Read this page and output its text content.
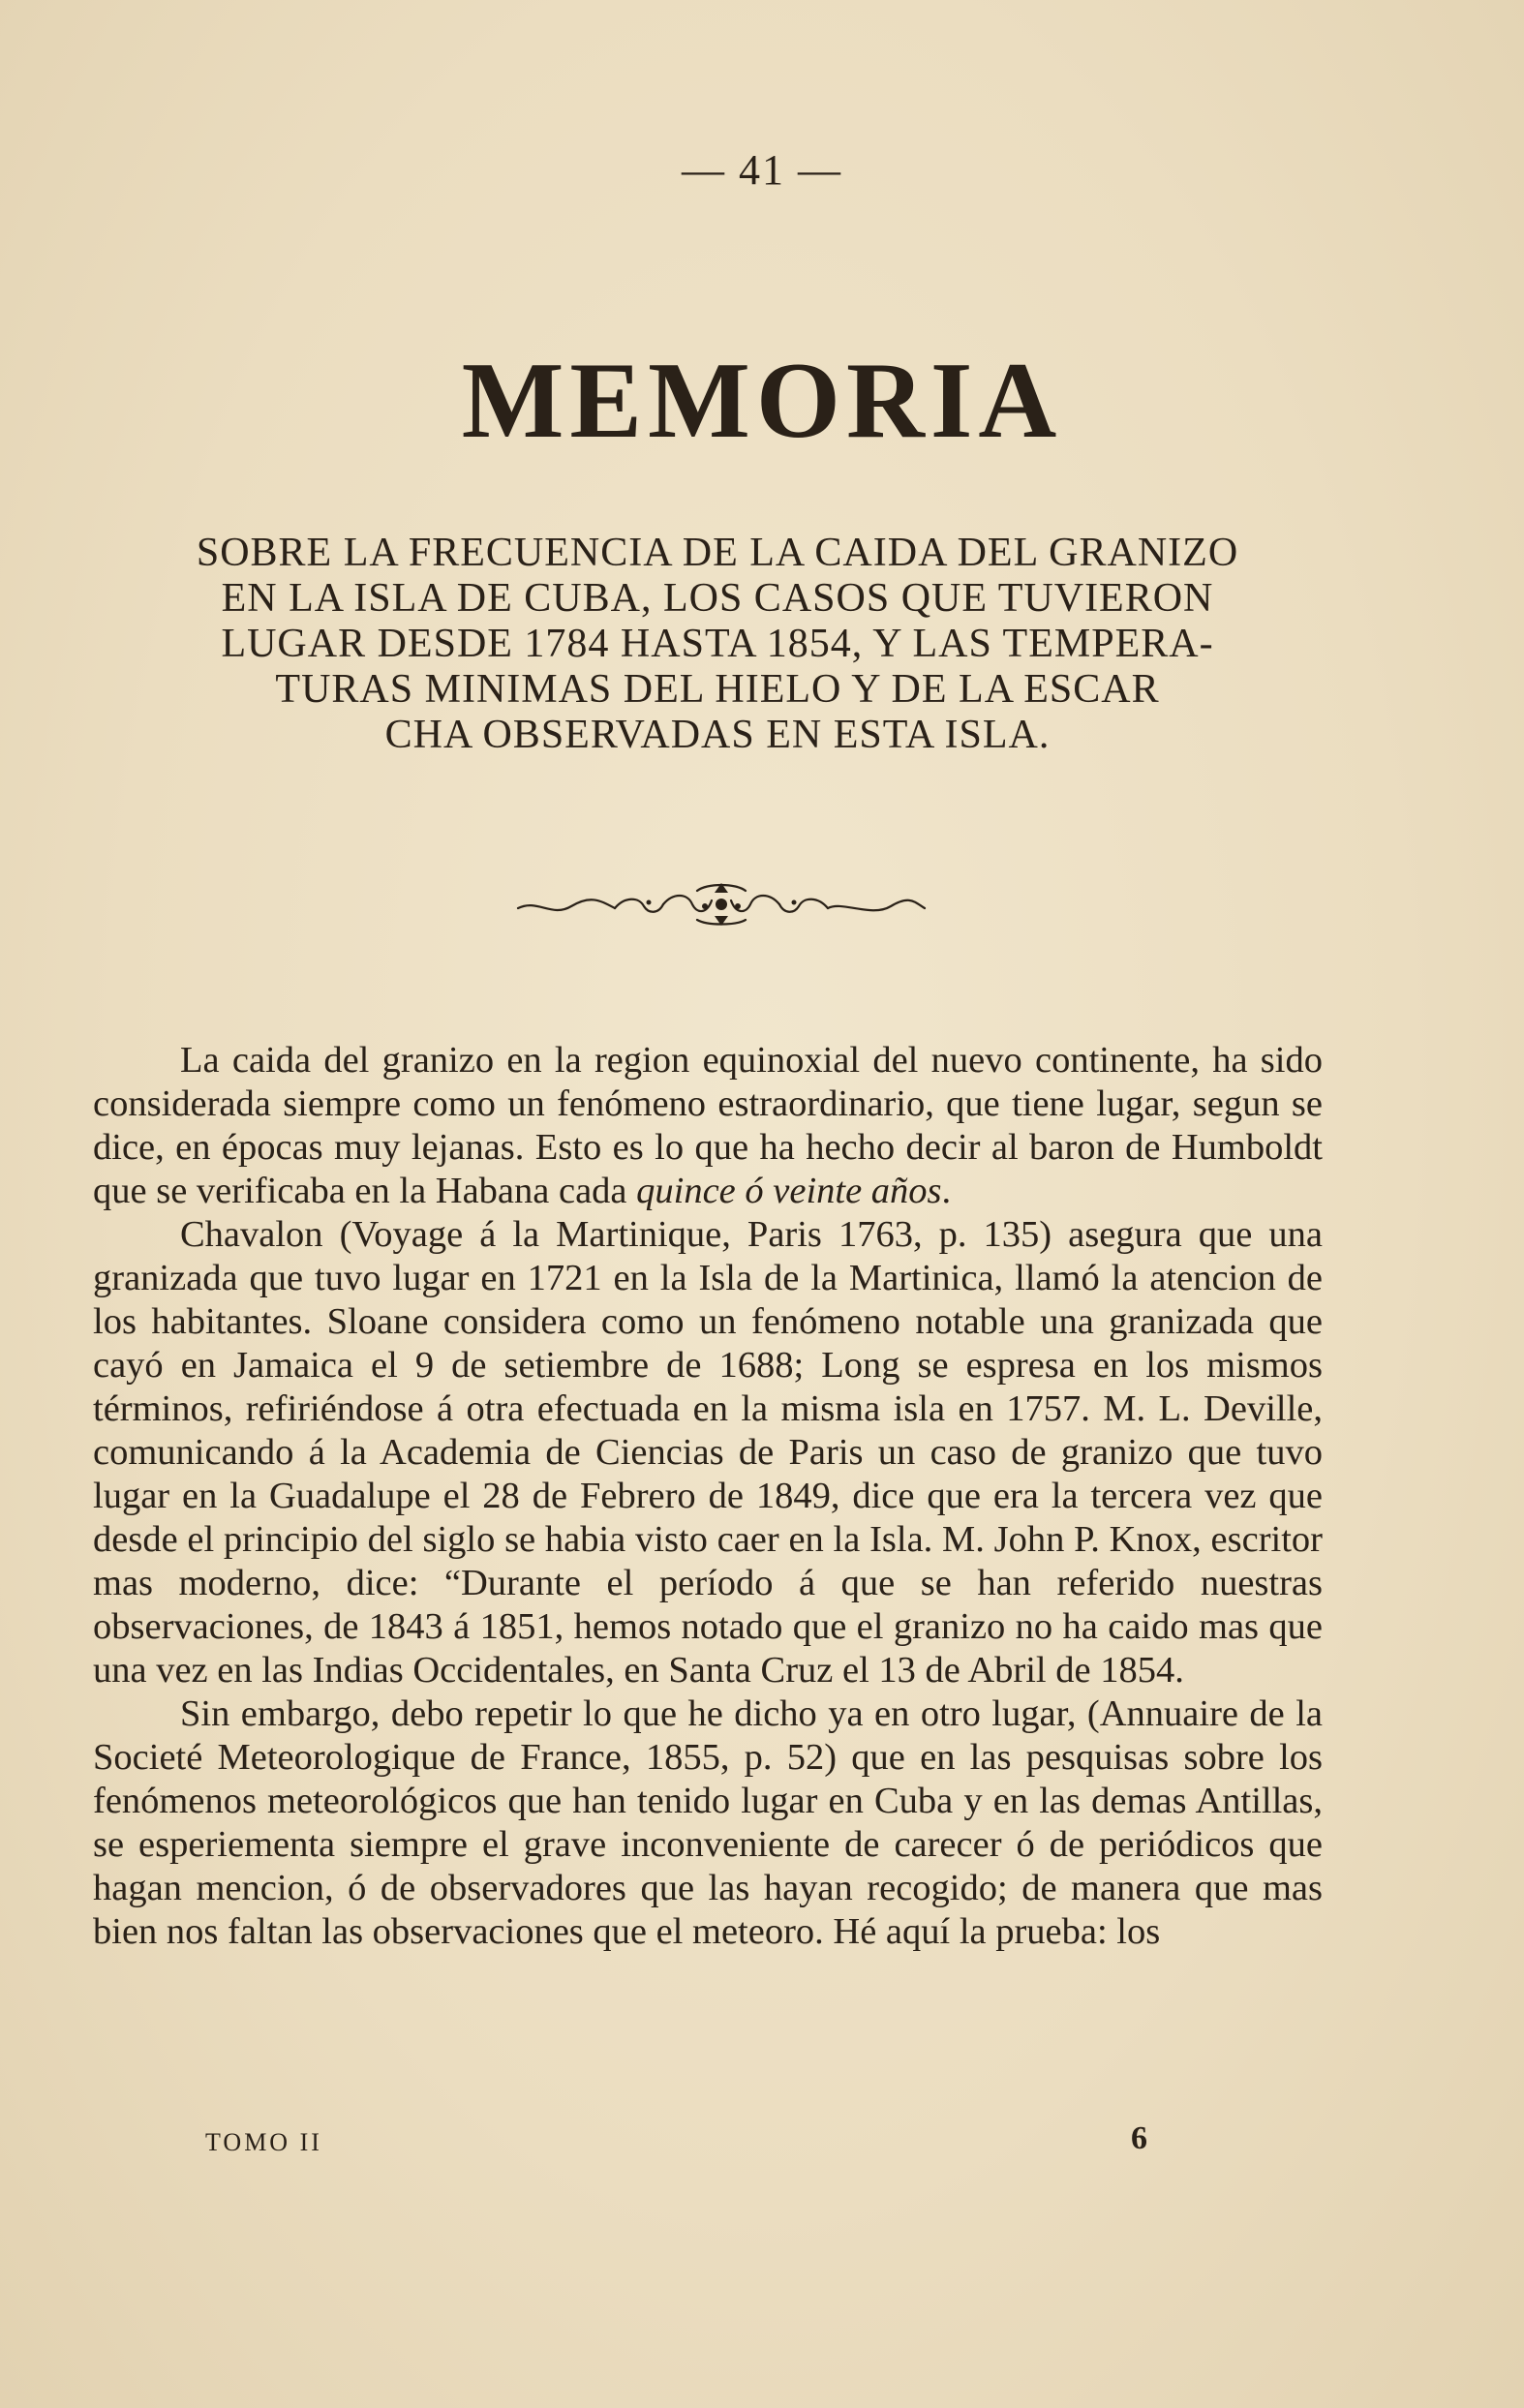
— 41 —
MEMORIA
SOBRE LA FRECUENCIA DE LA CAIDA DEL GRANIZO
EN LA ISLA DE CUBA, LOS CASOS QUE TUVIERON
LUGAR DESDE 1784 HASTA 1854, Y LAS TEMPERA-
TURAS MINIMAS DEL HIELO Y DE LA ESCAR
CHA OBSERVADAS EN ESTA ISLA.

La caida del granizo en la region equinoxial del nuevo continente, ha sido considerada siempre como un fenómeno estraordinario, que tiene lugar, segun se dice, en épocas muy lejanas. Esto es lo que ha hecho decir al baron de Humboldt que se verificaba en la Habana cada quince ó veinte años.

Chavalon (Voyage á la Martinique, Paris 1763, p. 135) asegura que una granizada que tuvo lugar en 1721 en la Isla de la Martinica, llamó la atencion de los habitantes. Sloane considera como un fenómeno notable una granizada que cayó en Jamaica el 9 de setiembre de 1688; Long se espresa en los mismos términos, refiriéndose á otra efectuada en la misma isla en 1757. M. L. Deville, comunicando á la Academia de Ciencias de Paris un caso de granizo que tuvo lugar en la Guadalupe el 28 de Febrero de 1849, dice que era la tercera vez que desde el principio del siglo se habia visto caer en la Isla. M. John P. Knox, escritor mas moderno, dice: “Durante el período á que se han referido nuestras observaciones, de 1843 á 1851, hemos notado que el granizo no ha caido mas que una vez en las Indias Occidentales, en Santa Cruz el 13 de Abril de 1854.

Sin embargo, debo repetir lo que he dicho ya en otro lugar, (Annuaire de la Societé Meteorologique de France, 1855, p. 52) que en las pesquisas sobre los fenómenos meteorológicos que han tenido lugar en Cuba y en las demas Antillas, se esperiementa siempre el grave inconveniente de carecer ó de periódicos que hagan mencion, ó de observadores que las hayan recogido; de manera que mas bien nos faltan las observaciones que el meteoro. Hé aquí la prueba: los

TOMO II	6
